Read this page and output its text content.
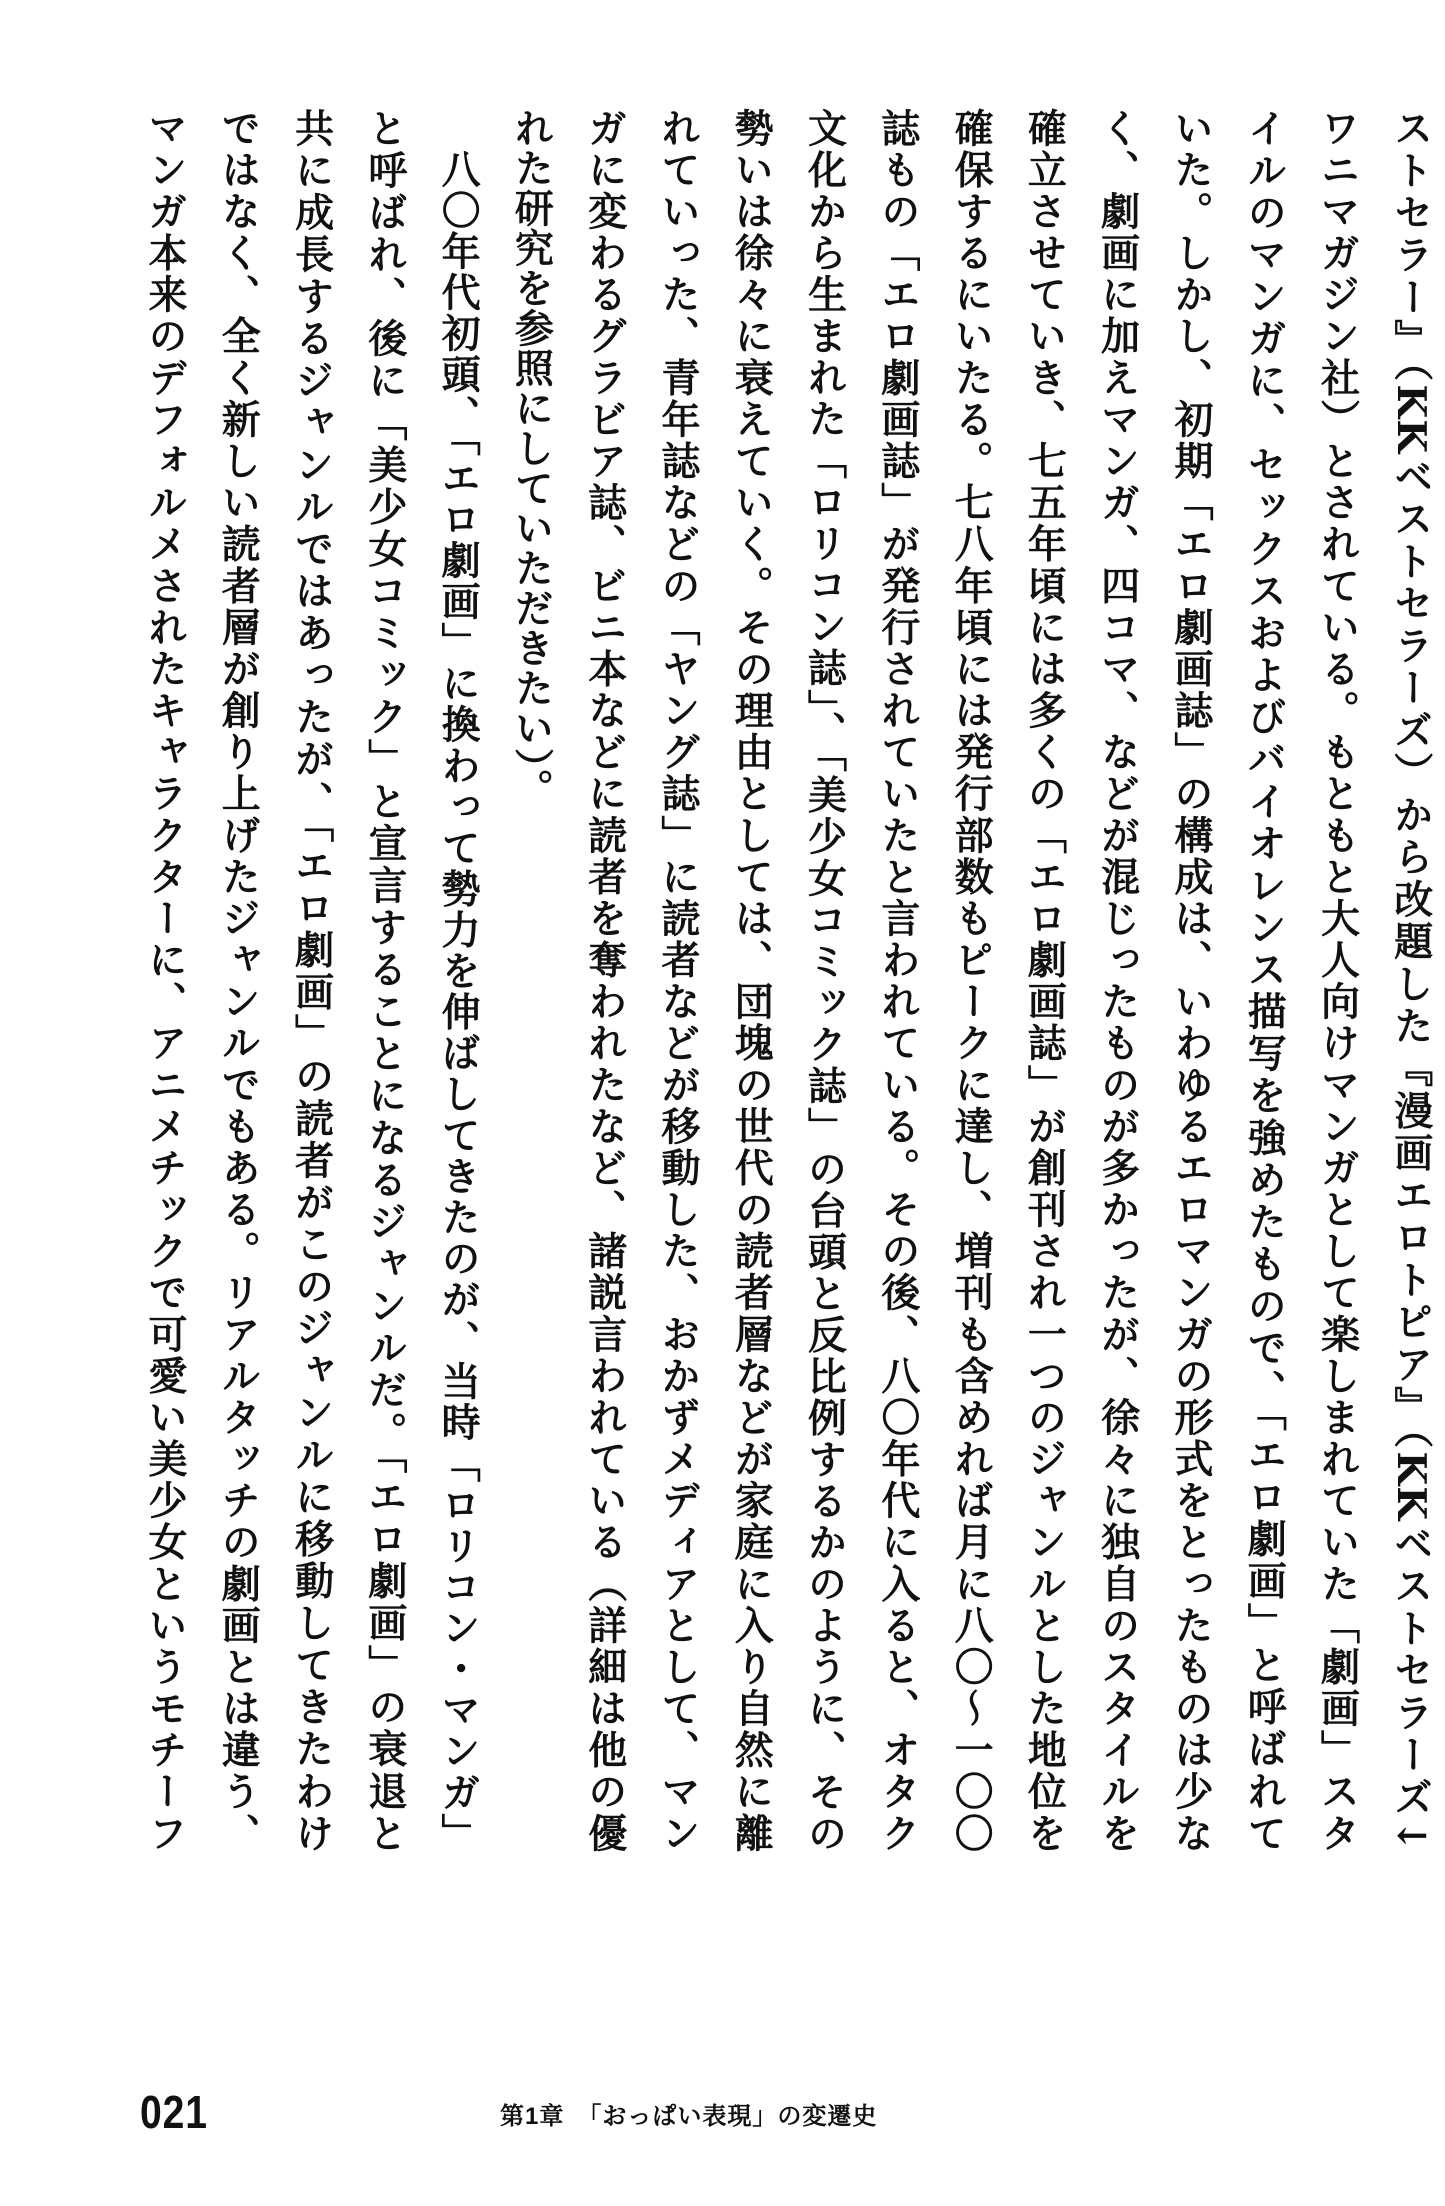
ストセラー』（KKベストセラーズ）から改題した『漫画エロトピア』（KKベストセラーズ↓
ワニマガジン社）とされている。もともと大人向けマンガとして楽しまれていた「劇画」スタ
イルのマンガに、セックスおよびバイオレンス描写を強めたもので、「エロ劇画」と呼ばれて
いた。しかし、初期「エロ劇画誌」の構成は、いわゆるエロマンガの形式をとったものは少な
く、劇画に加えマンガ、四コマ、などが混じったものが多かったが、徐々に独自のスタイルを
確立させていき、七五年頃には多くの「エロ劇画誌」が創刊され一つのジャンルとした地位を
確保するにいたる。七八年頃には発行部数もピークに達し、増刊も含めれば月に八〇～一〇〇
誌もの「エロ劇画誌」が発行されていたと言われている。その後、八〇年代に入ると、オタク
文化から生まれた「ロリコン誌」、「美少女コミック誌」の台頭と反比例するかのように、その
勢いは徐々に衰えていく。その理由としては、団塊の世代の読者層などが家庭に入り自然に離
れていった、青年誌などの「ヤング誌」に読者などが移動した、おかずメディアとして、マン
ガに変わるグラビア誌、ビニ本などに読者を奪われたなど、諸説言われている（詳細は他の優
れた研究を参照にしていただきたい）。
　八〇年代初頭、「エロ劇画」に換わって勢力を伸ばしてきたのが、当時「ロリコン・マンガ」
と呼ばれ、後に「美少女コミック」と宣言することになるジャンルだ。「エロ劇画」の衰退と
共に成長するジャンルではあったが、「エロ劇画」の読者がこのジャンルに移動してきたわけ
ではなく、全く新しい読者層が創り上げたジャンルでもある。リアルタッチの劇画とは違う、
マンガ本来のデフォルメされたキャラクターに、アニメチックで可愛い美少女というモチーフ
021	第1章　「おっぱい表現」の変遷史
